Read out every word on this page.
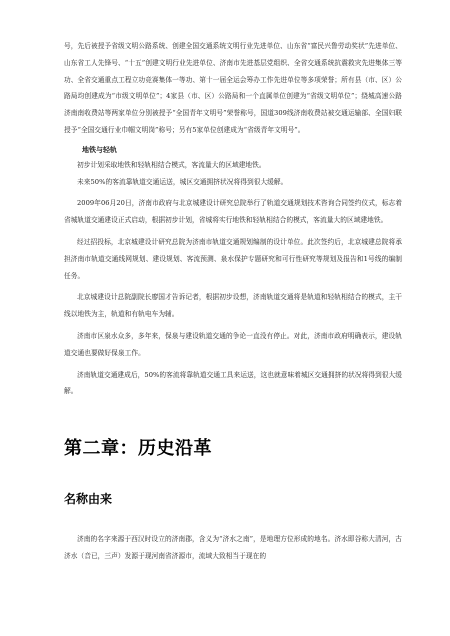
号，先后被授予省级文明公路系统、创建全国交通系统文明行业先进单位、山东省“富民兴鲁劳动奖状”先进单位、山东省工人先锋号、“十五”创建文明行业先进单位、济南市先进基层党组织、全省交通系统抗震救灾先进集体三等功、全省交通重点工程立功竞赛集体一等功、第十一届全运会筹办工作先进单位等多项荣誉；所有县（市、区）公路局均创建成为“市级文明单位”；4家县（市、区）公路局和一个直属单位创建为“省级文明单位”；绕城高速公路济南南收费站等两家单位分别被授予“全国青年文明号”荣誉称号，国道309线济南收费站被交通运输部、全国妇联授予“全国交通行业巾帼文明岗”称号；另有5家单位创建成为“省级青年文明号”。

地铁与轻轨

初步计划采取地铁和轻轨相结合模式，客流量大的区域建地铁。

未来50%的客流靠轨道交通运送，城区交通拥挤状况将得到很大缓解。

2009年06月20日，济南市政府与北京城建设计研究总院举行了轨道交通规划技术咨询合同签约仪式，标志着省城轨道交通建设正式启动，根据初步计划，省城将实行地铁和轻轨相结合的模式，客流量大的区域建地铁。

经过招投标，北京城建设计研究总院为济南市轨道交通规划编制的设计单位。此次签约后，北京城建总院将承担济南市轨道交通线网规划、建设规划、客流预测、泉水保护专题研究和可行性研究等规划及报告和1号线的编制任务。

北京城建设计总院副院长廖国才告诉记者，根据初步设想，济南轨道交通将是轨道和轻轨相结合的模式，主干线以地铁为主，轨道和有轨电车为辅。

济南市区泉水众多，多年来，保泉与建设轨道交通的争论一直没有停止。对此，济南市政府明确表示，建设轨道交通也要做好保泉工作。

济南轨道交通建成后，50%的客流将靠轨道交通工具来运送，这也就意味着城区交通拥挤的状况将得到很大缓解。

第二章：历史沿革
名称由来

济南的名字来源于西汉时设立的济南郡，含义为“济水之南”，是地理方位形成的地名。济水即谷称大清河，古济水（音已，三声）发源于现河南省济源市，流域大致相当于现在的
